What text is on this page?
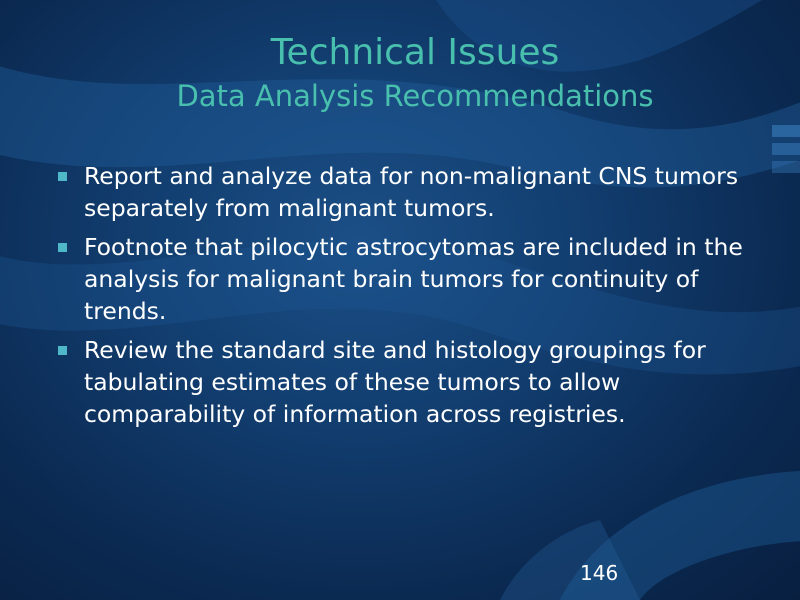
Technical Issues
Data Analysis Recommendations
Report and analyze data for non-malignant CNS tumors separately from malignant tumors.
Footnote that pilocytic astrocytomas are included in the analysis for malignant brain tumors for continuity of trends.
Review the standard site and histology groupings for tabulating estimates of these tumors to allow comparability of information across registries.
146
